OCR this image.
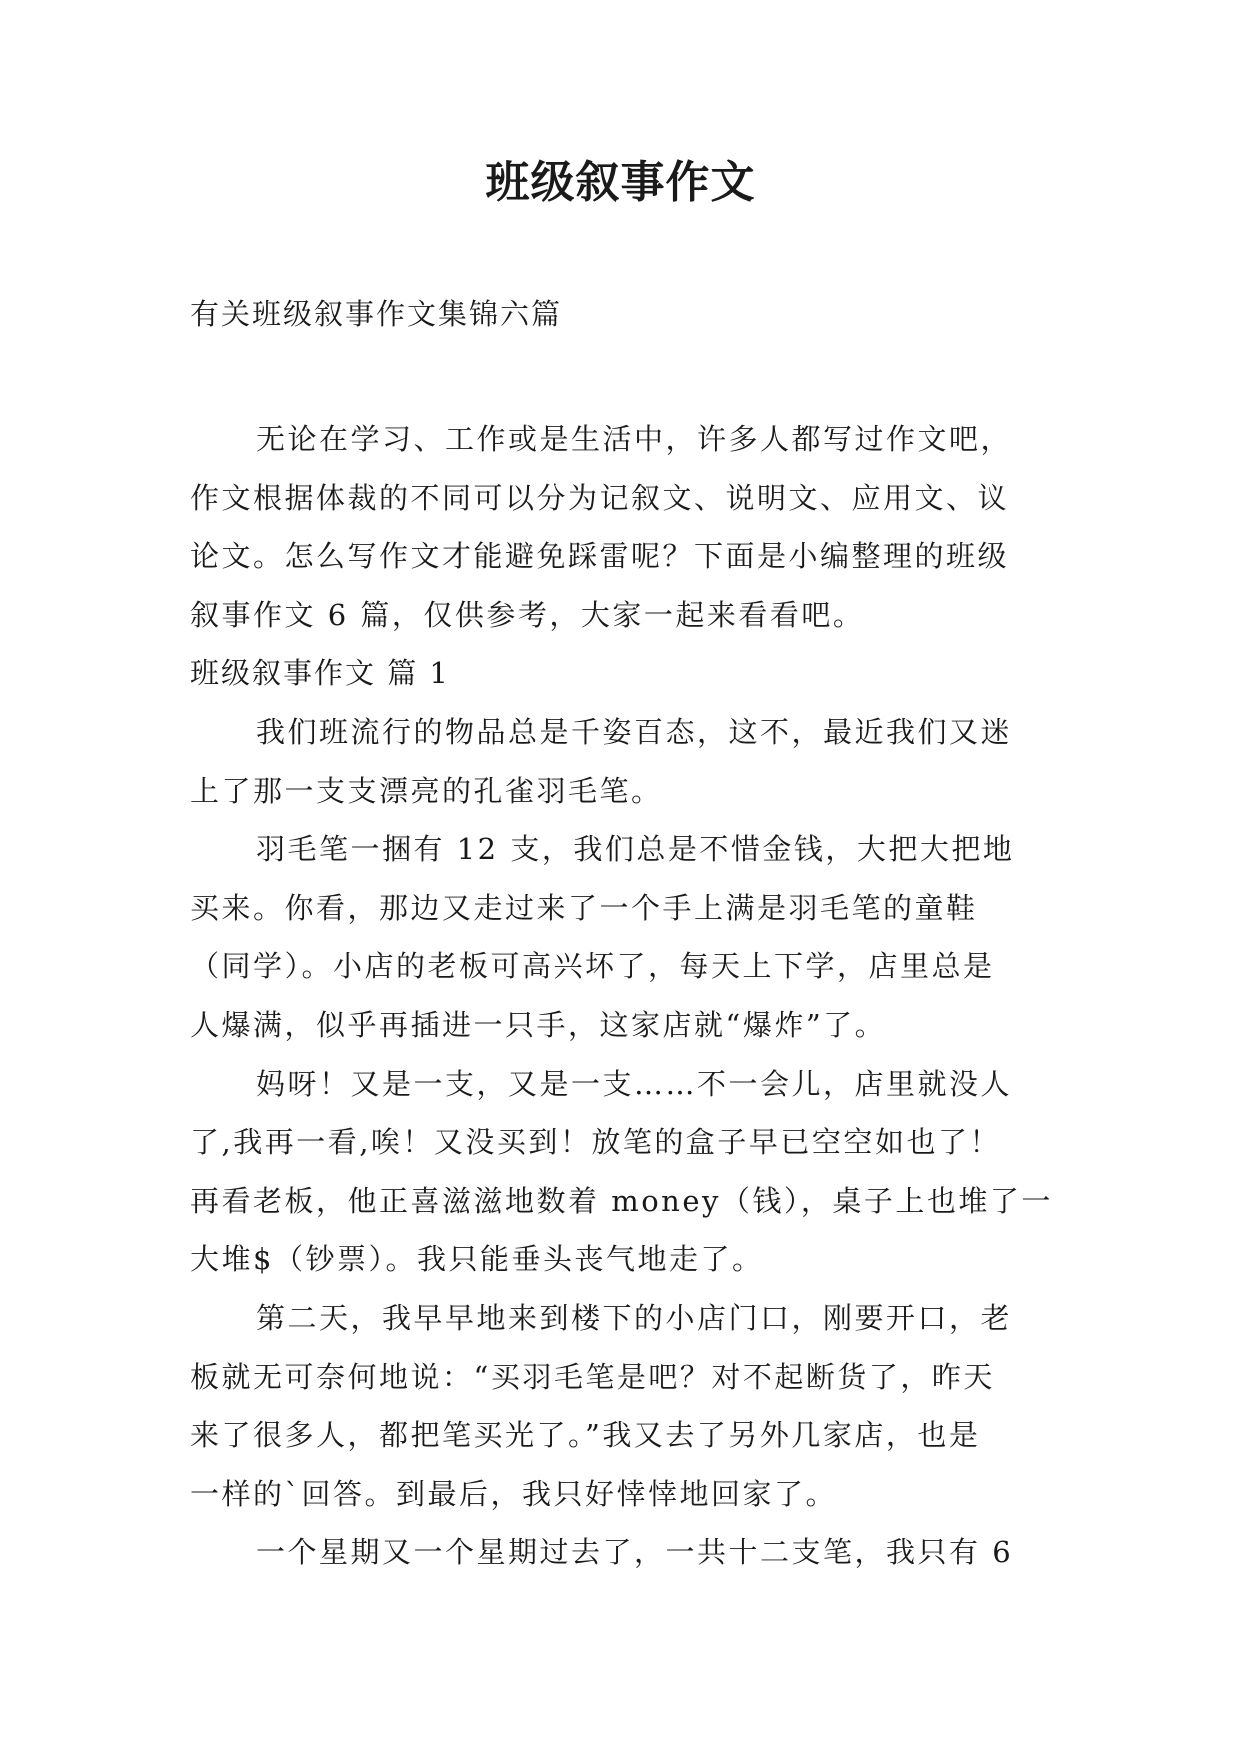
班级叙事作文
有关班级叙事作文集锦六篇
无论在学习、工作或是生活中，许多人都写过作文吧，
作文根据体裁的不同可以分为记叙文、说明文、应用文、议
论文。怎么写作文才能避免踩雷呢？下面是小编整理的班级
叙事作文 6 篇，仅供参考，大家一起来看看吧。
班级叙事作文 篇 1
我们班流行的物品总是千姿百态，这不，最近我们又迷
上了那一支支漂亮的孔雀羽毛笔。
羽毛笔一捆有 12 支，我们总是不惜金钱，大把大把地
买来。你看，那边又走过来了一个手上满是羽毛笔的童鞋
（同学）。小店的老板可高兴坏了，每天上下学，店里总是
人爆满，似乎再插进一只手，这家店就“爆炸”了。
妈呀！又是一支，又是一支……不一会儿，店里就没人
了,我再一看,唉！又没买到！放笔的盒子早已空空如也了！
再看老板，他正喜滋滋地数着 money（钱），桌子上也堆了一
大堆$（钞票）。我只能垂头丧气地走了。
第二天，我早早地来到楼下的小店门口，刚要开口，老
板就无可奈何地说：“买羽毛笔是吧？对不起断货了，昨天
来了很多人，都把笔买光了。”我又去了另外几家店，也是
一样的`回答。到最后，我只好悻悻地回家了。
一个星期又一个星期过去了，一共十二支笔，我只有 6
